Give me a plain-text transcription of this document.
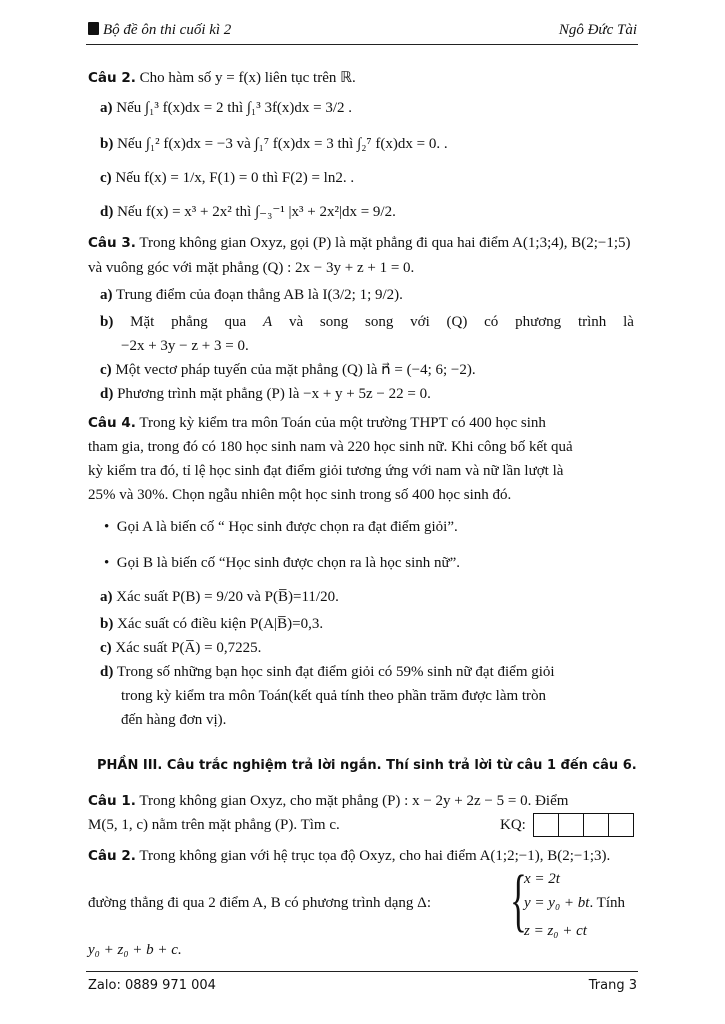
Bộ đề ôn thi cuối kì 2	Ngô Đức Tài
Câu 2. Cho hàm số y = f(x) liên tục trên ℝ.
a) Nếu ∫₁³ f(x)dx = 2 thì ∫₁³ 3f(x)dx = 3/2 .
b) Nếu ∫₁² f(x)dx = −3 và ∫₁⁷ f(x)dx = 3 thì ∫₂⁷ f(x)dx = 0. .
c) Nếu f(x) = 1/x, F(1) = 0 thì F(2) = ln2. .
d) Nếu f(x) = x³ + 2x² thì ∫₋₃⁻¹ |x³ + 2x²|dx = 9/2.
Câu 3. Trong không gian Oxyz, gọi (P) là mặt phẳng đi qua hai điểm A(1;3;4), B(2;−1;5)
và vuông góc với mặt phẳng (Q) : 2x − 3y + z + 1 = 0.
a) Trung điểm của đoạn thẳng AB là I(3/2; 1; 9/2).
b) Mặt phẳng qua A và song song với (Q) có phương trình là
−2x + 3y − z + 3 = 0.
c) Một vectơ pháp tuyến của mặt phẳng (Q) là n⃗ = (−4; 6; −2).
d) Phương trình mặt phẳng (P) là −x + y + 5z − 22 = 0.
Câu 4. Trong kỳ kiểm tra môn Toán của một trường THPT có 400 học sinh
tham gia, trong đó có 180 học sinh nam và 220 học sinh nữ. Khi công bố kết quả
kỳ kiểm tra đó, tỉ lệ học sinh đạt điểm giỏi tương ứng với nam và nữ lần lượt là
25% và 30%. Chọn ngẫu nhiên một học sinh trong số 400 học sinh đó.
•  Gọi A là biến cố “ Học sinh được chọn ra đạt điểm giỏi”.
•  Gọi B là biến cố “Học sinh được chọn ra là học sinh nữ”.
a) Xác suất P(B) = 9/20 và P(B̅)=11/20.
b) Xác suất có điều kiện P(A|B̅)=0,3.
c) Xác suất P(A̅) = 0,7225.
d) Trong số những bạn học sinh đạt điểm giỏi có 59% sinh nữ đạt điểm giỏi
trong kỳ kiểm tra môn Toán(kết quả tính theo phần trăm được làm tròn
đến hàng đơn vị).
PHẦN III. Câu trắc nghiệm trả lời ngắn. Thí sinh trả lời từ câu 1 đến câu 6.
Câu 1. Trong không gian Oxyz, cho mặt phẳng (P) : x − 2y + 2z − 5 = 0. Điểm
M(5, 1, c) nằm trên mặt phẳng (P). Tìm c.	KQ:
Câu 2. Trong không gian với hệ trục tọa độ Oxyz, cho hai điểm A(1;2;−1), B(2;−1;3).
đường thẳng đi qua 2 điểm A, B có phương trình dạng Δ: {
x = 2t
y = y₀ + bt. Tính
z = z₀ + ct
y₀ + z₀ + b + c.
Zalo: 0889 971 004	Trang 3
